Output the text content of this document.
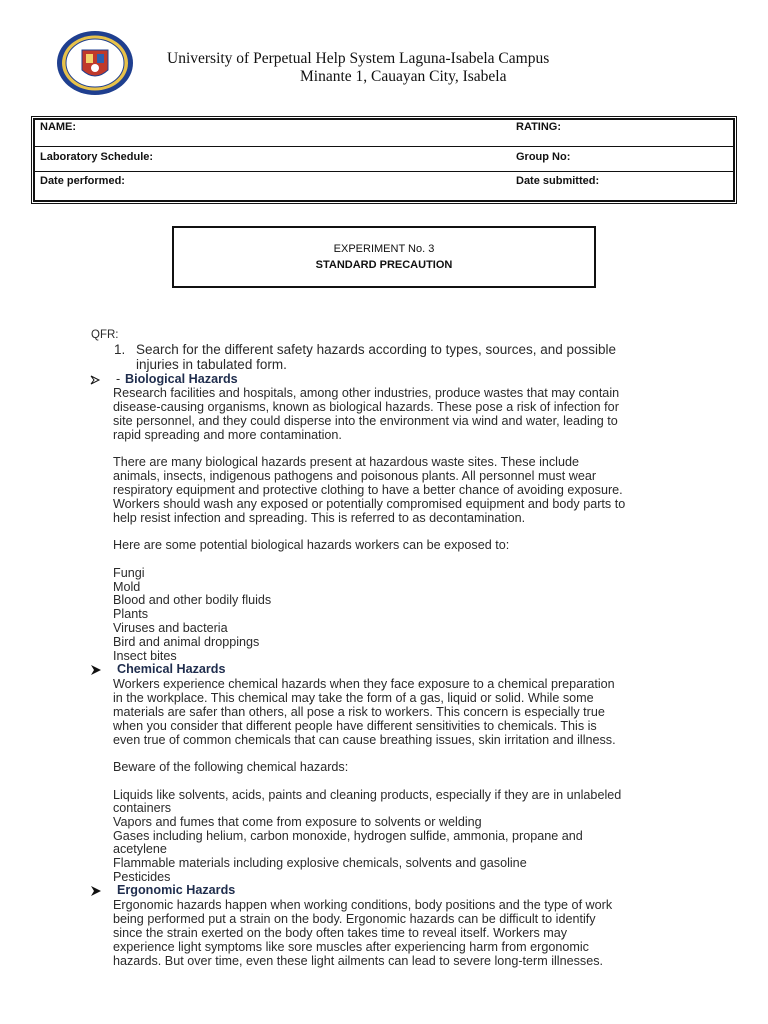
University of Perpetual Help System Laguna-Isabela Campus
Minante 1, Cauayan City, Isabela
NAME:	RATING:
Laboratory Schedule:	Group No:
Date performed:	Date submitted:
EXPERIMENT No. 3
STANDARD PRECAUTION
QFR:
1. Search for the different safety hazards according to types, sources, and possible
injuries in tabulated form.
- Biological Hazards
Research facilities and hospitals, among other industries, produce wastes that may contain
disease-causing organisms, known as biological hazards. These pose a risk of infection for
site personnel, and they could disperse into the environment via wind and water, leading to
rapid spreading and more contamination.
There are many biological hazards present at hazardous waste sites. These include
animals, insects, indigenous pathogens and poisonous plants. All personnel must wear
respiratory equipment and protective clothing to have a better chance of avoiding exposure.
Workers should wash any exposed or potentially compromised equipment and body parts to
help resist infection and spreading. This is referred to as decontamination.
Here are some potential biological hazards workers can be exposed to:
Fungi
Mold
Blood and other bodily fluids
Plants
Viruses and bacteria
Bird and animal droppings
Insect bites
Chemical Hazards
Workers experience chemical hazards when they face exposure to a chemical preparation
in the workplace. This chemical may take the form of a gas, liquid or solid. While some
materials are safer than others, all pose a risk to workers. This concern is especially true
when you consider that different people have different sensitivities to chemicals. This is
even true of common chemicals that can cause breathing issues, skin irritation and illness.
Beware of the following chemical hazards:
Liquids like solvents, acids, paints and cleaning products, especially if they are in unlabeled
containers
Vapors and fumes that come from exposure to solvents or welding
Gases including helium, carbon monoxide, hydrogen sulfide, ammonia, propane and
acetylene
Flammable materials including explosive chemicals, solvents and gasoline
Pesticides
Ergonomic Hazards
Ergonomic hazards happen when working conditions, body positions and the type of work
being performed put a strain on the body. Ergonomic hazards can be difficult to identify
since the strain exerted on the body often takes time to reveal itself. Workers may
experience light symptoms like sore muscles after experiencing harm from ergonomic
hazards. But over time, even these light ailments can lead to severe long-term illnesses.
